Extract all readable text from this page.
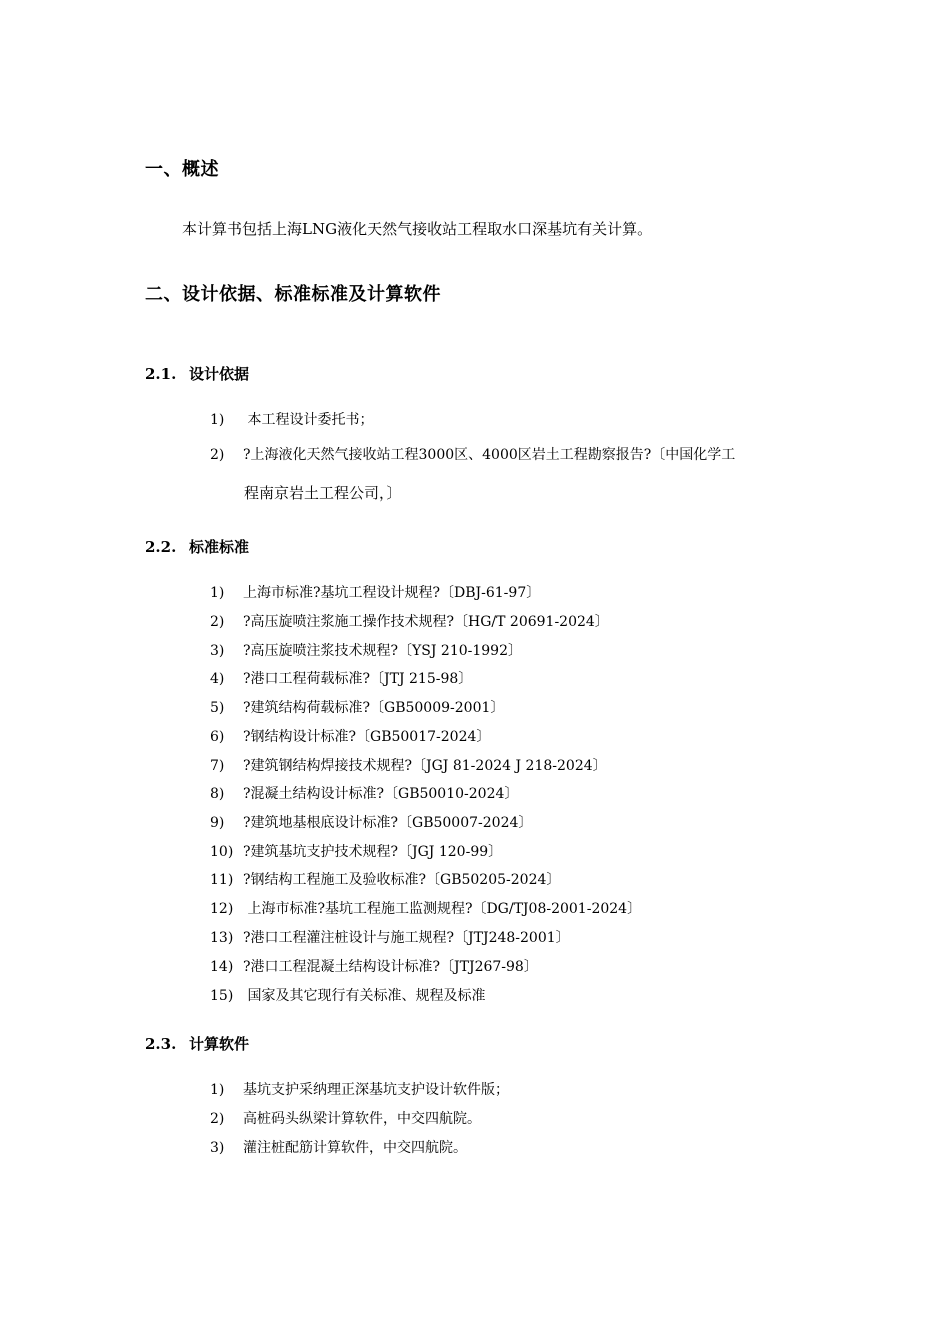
一、概述
本计算书包括上海LNG液化天然气接收站工程取水口深基坑有关计算。
二、设计依据、标准标准及计算软件
2.1. 设计依据
1) 本工程设计委托书；
2) ?上海液化天然气接收站工程3000区、4000区岩土工程勘察报告?〔中国化学工
程南京岩土工程公司，〕
2.2. 标准标准
1) 上海市标准?基坑工程设计规程?〔DBJ-61-97〕
2) ?高压旋喷注浆施工操作技术规程?〔HG/T 20691-2024〕
3) ?高压旋喷注浆技术规程?〔YSJ 210-1992〕
4) ?港口工程荷载标准?〔JTJ 215-98〕
5) ?建筑结构荷载标准?〔GB50009-2001〕
6) ?钢结构设计标准?〔GB50017-2024〕
7) ?建筑钢结构焊接技术规程?〔JGJ 81-2024 J 218-2024〕
8) ?混凝土结构设计标准?〔GB50010-2024〕
9) ?建筑地基根底设计标准?〔GB50007-2024〕
10) ?建筑基坑支护技术规程?〔JGJ 120-99〕
11) ?钢结构工程施工及验收标准?〔GB50205-2024〕
12) 上海市标准?基坑工程施工监测规程?〔DG/TJ08-2001-2024〕
13) ?港口工程灌注桩设计与施工规程?〔JTJ248-2001〕
14) ?港口工程混凝土结构设计标准?〔JTJ267-98〕
15) 国家及其它现行有关标准、规程及标准
2.3. 计算软件
1) 基坑支护采纳理正深基坑支护设计软件版；
2) 高桩码头纵梁计算软件，中交四航院。
3) 灌注桩配筋计算软件，中交四航院。
